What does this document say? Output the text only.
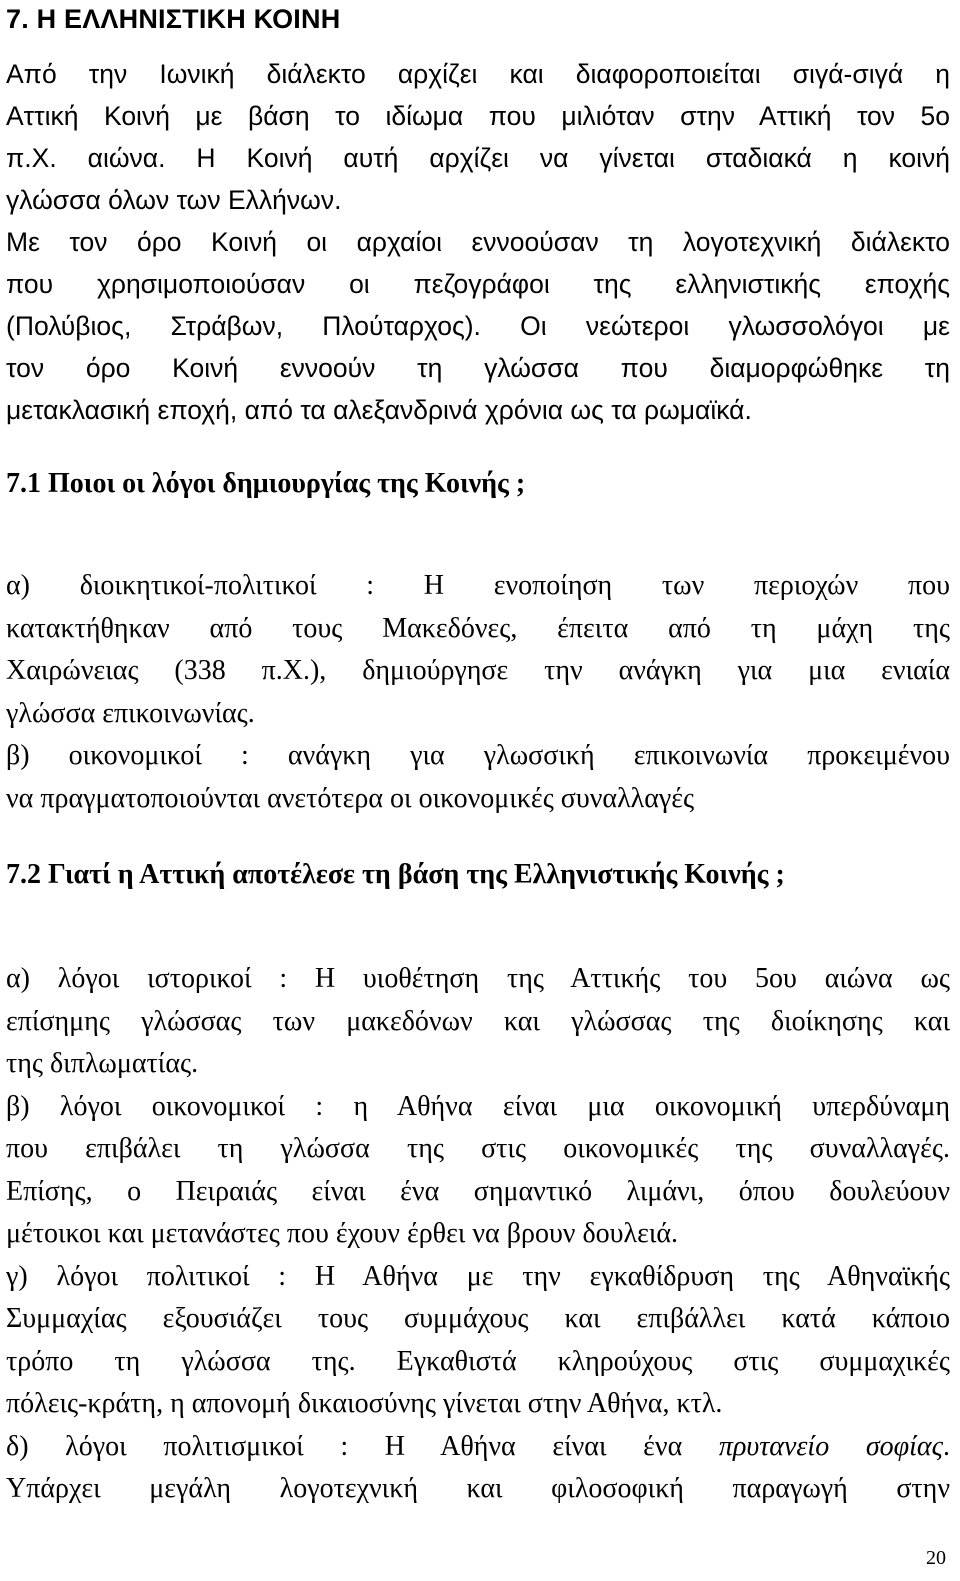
7. Η ΕΛΛΗΝΙΣΤΙΚΗ ΚΟΙΝΗ
Από την Ιωνική διάλεκτο αρχίζει και διαφοροποιείται σιγά-σιγά η
Αττική Κοινή με βάση το ιδίωμα που μιλιόταν στην Αττική τον 5ο
π.Χ. αιώνα. Η Κοινή αυτή αρχίζει να γίνεται σταδιακά η κοινή
γλώσσα όλων των Ελλήνων.
Με τον όρο Κοινή οι αρχαίοι εννοούσαν τη λογοτεχνική διάλεκτο
που χρησιμοποιούσαν οι πεζογράφοι της ελληνιστικής εποχής
(Πολύβιος, Στράβων, Πλούταρχος). Οι νεώτεροι γλωσσολόγοι με
τον όρο Κοινή εννοούν τη γλώσσα που διαμορφώθηκε τη
μετακλασική εποχή, από τα αλεξανδρινά χρόνια ως τα ρωμαϊκά.
7.1 Ποιοι οι λόγοι δημιουργίας της Κοινής ;
α) διοικητικοί-πολιτικοί : Η ενοποίηση των περιοχών που
κατακτήθηκαν από τους Μακεδόνες, έπειτα από τη μάχη της
Χαιρώνειας (338 π.Χ.), δημιούργησε την ανάγκη για μια ενιαία
γλώσσα επικοινωνίας.
β) οικονομικοί : ανάγκη για γλωσσική επικοινωνία προκειμένου
να πραγματοποιούνται ανετότερα οι οικονομικές συναλλαγές
7.2 Γιατί η Αττική αποτέλεσε τη βάση της Ελληνιστικής Κοινής ;
α) λόγοι ιστορικοί : Η υιοθέτηση της Αττικής του 5ου αιώνα ως
επίσημης γλώσσας των μακεδόνων και γλώσσας της διοίκησης και
της διπλωματίας.
β) λόγοι οικονομικοί : η Αθήνα είναι μια οικονομική υπερδύναμη
που επιβάλει τη γλώσσα της στις οικονομικές της συναλλαγές.
Επίσης, ο Πειραιάς είναι ένα σημαντικό λιμάνι, όπου δουλεύουν
μέτοικοι και μετανάστες που έχουν έρθει να βρουν δουλειά.
γ) λόγοι πολιτικοί : Η Αθήνα με την εγκαθίδρυση της Αθηναϊκής
Συμμαχίας εξουσιάζει τους συμμάχους και επιβάλλει κατά κάποιο
τρόπο τη γλώσσα της. Εγκαθιστά κληρούχους στις συμμαχικές
πόλεις-κράτη, η απονομή δικαιοσύνης γίνεται στην Αθήνα, κτλ.
δ) λόγοι πολιτισμικοί : Η Αθήνα είναι ένα πρυτανείο σοφίας.
Υπάρχει μεγάλη λογοτεχνική και φιλοσοφική παραγωγή στην
20
